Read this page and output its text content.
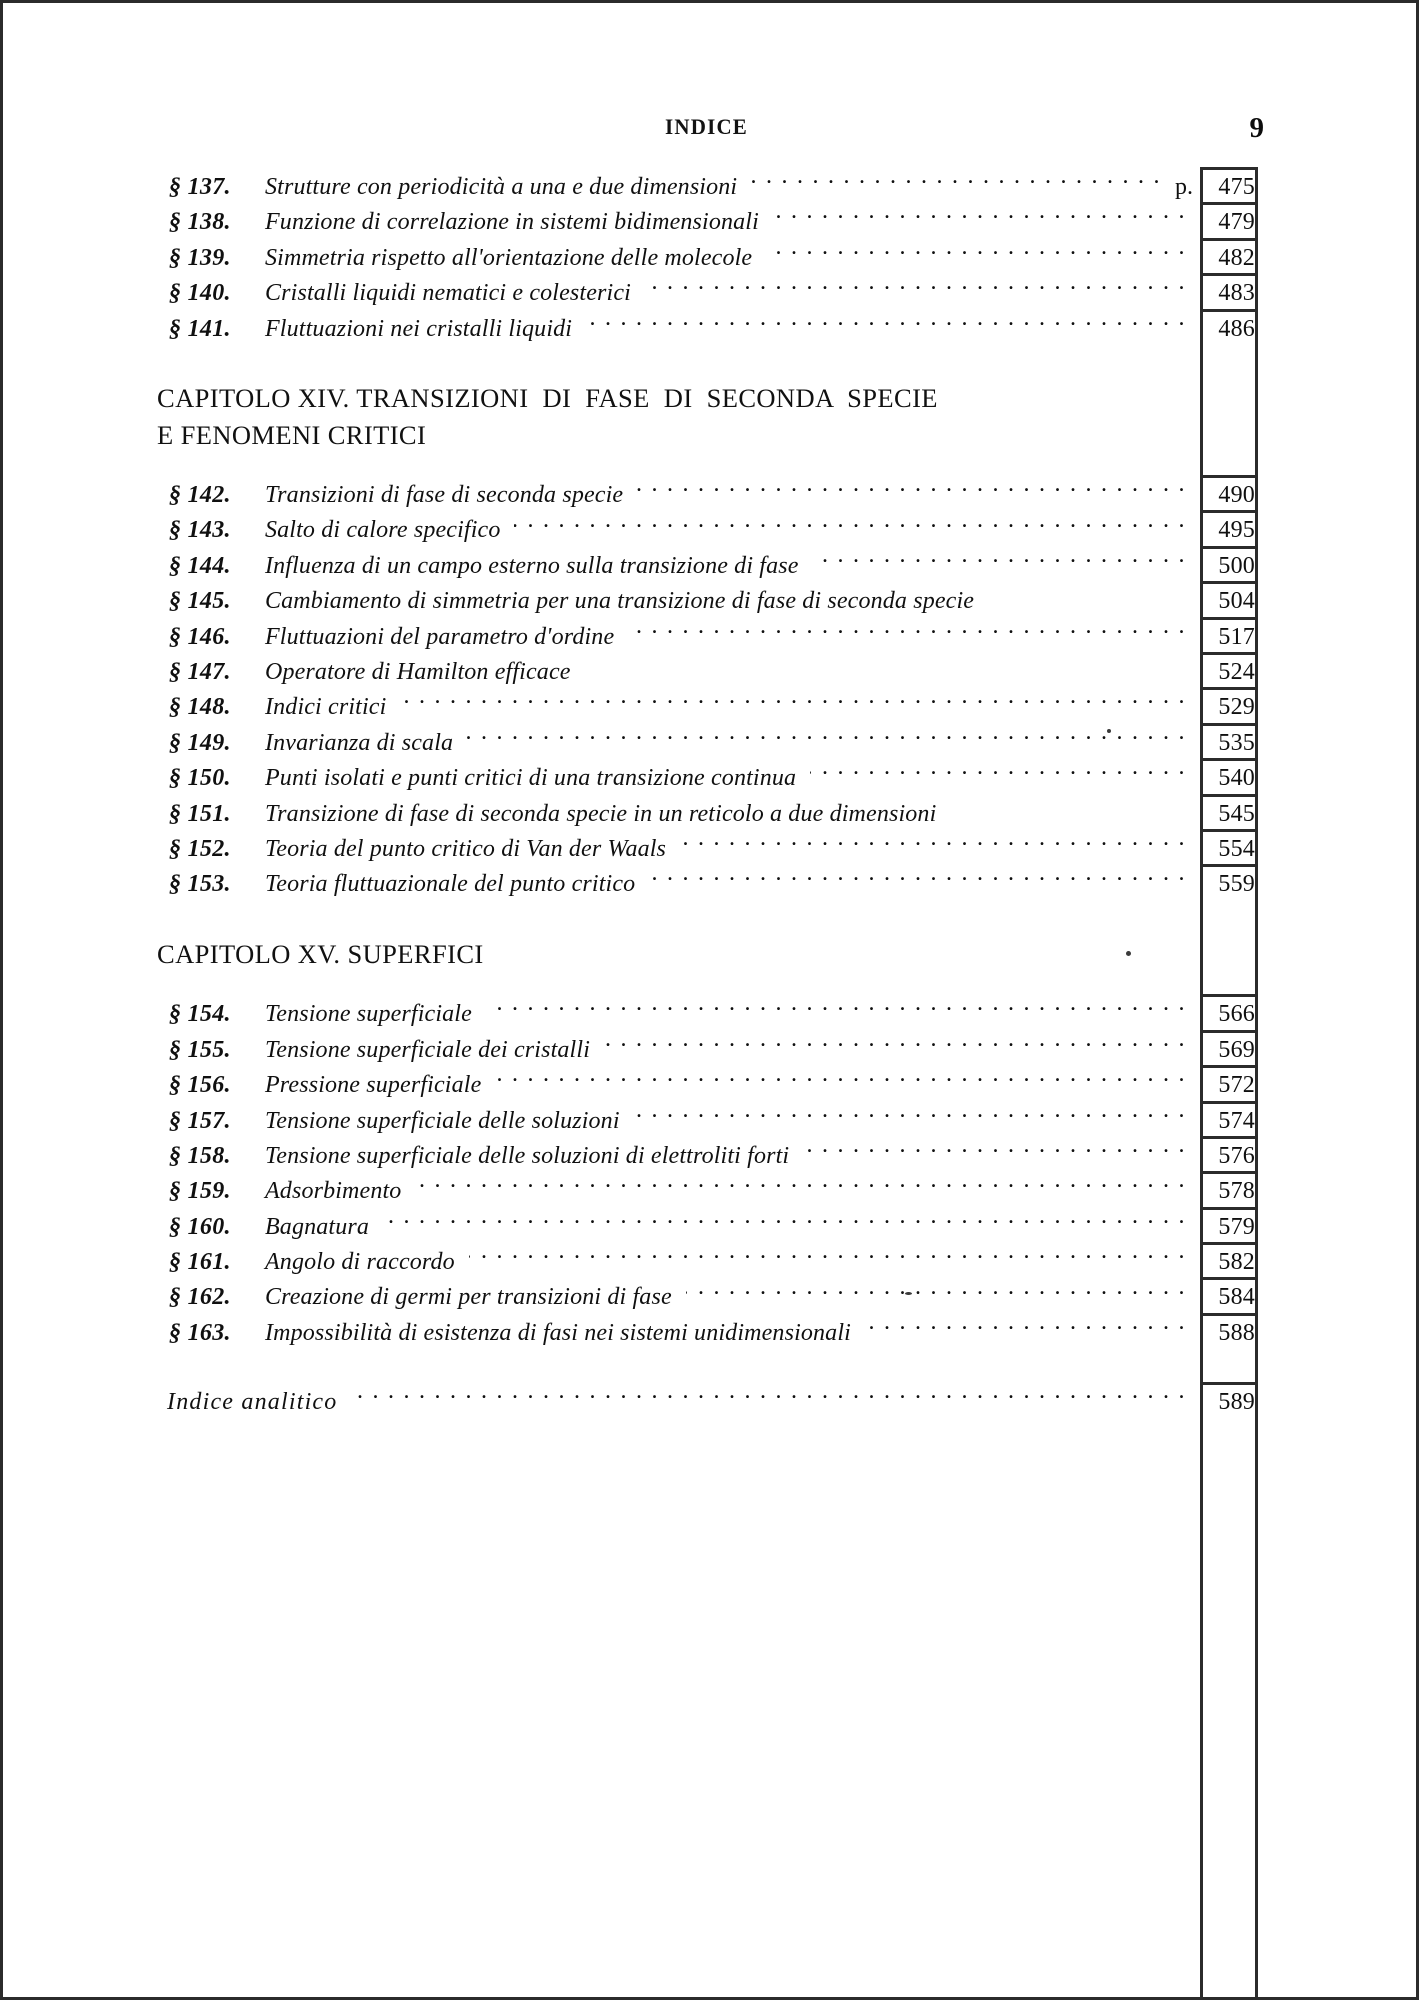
INDICE	9
§ 137.	Strutture con periodicità a una e due dimensioni .....	p.	475
§ 138.	Funzione di correlazione in sistemi bidimensionali .....	479
§ 139.	Simmetria rispetto all'orientazione delle molecole .....	482
§ 140.	Cristalli liquidi nematici e colesterici .....	483
§ 141.	Fluttuazioni nei cristalli liquidi .....	486
CAPITOLO XIV. TRANSIZIONI  DI  FASE  DI  SECONDA  SPECIE
E FENOMENI CRITICI
§ 142.	Transizioni di fase di seconda specie .....	490
§ 143.	Salto di calore specifico .....	495
§ 144.	Influenza di un campo esterno sulla transizione di fase .....	500
§ 145.	Cambiamento di simmetria per una transizione di fase di seconda specie	504
§ 146.	Fluttuazioni del parametro d'ordine .....	517
§ 147.	Operatore di Hamilton efficace	524
§ 148.	Indici critici .....	529
§ 149.	Invarianza di scala .....	535
§ 150.	Punti isolati e punti critici di una transizione continua .....	540
§ 151.	Transizione di fase di seconda specie in un reticolo a due dimensioni	545
§ 152.	Teoria del punto critico di Van der Waals .....	554
§ 153.	Teoria fluttuazionale del punto critico .....	559
CAPITOLO XV. SUPERFICI
§ 154.	Tensione superficiale .....	566
§ 155.	Tensione superficiale dei cristalli .....	569
§ 156.	Pressione superficiale .....	572
§ 157.	Tensione superficiale delle soluzioni .....	574
§ 158.	Tensione superficiale delle soluzioni di elettroliti forti .....	576
§ 159.	Adsorbimento .....	578
§ 160.	Bagnatura .....	579
§ 161.	Angolo di raccordo .....	582
§ 162.	Creazione di germi per transizioni di fase .....	584
§ 163.	Impossibilità di esistenza di fasi nei sistemi unidimensionali .....	588
Indice analitico .....	589
